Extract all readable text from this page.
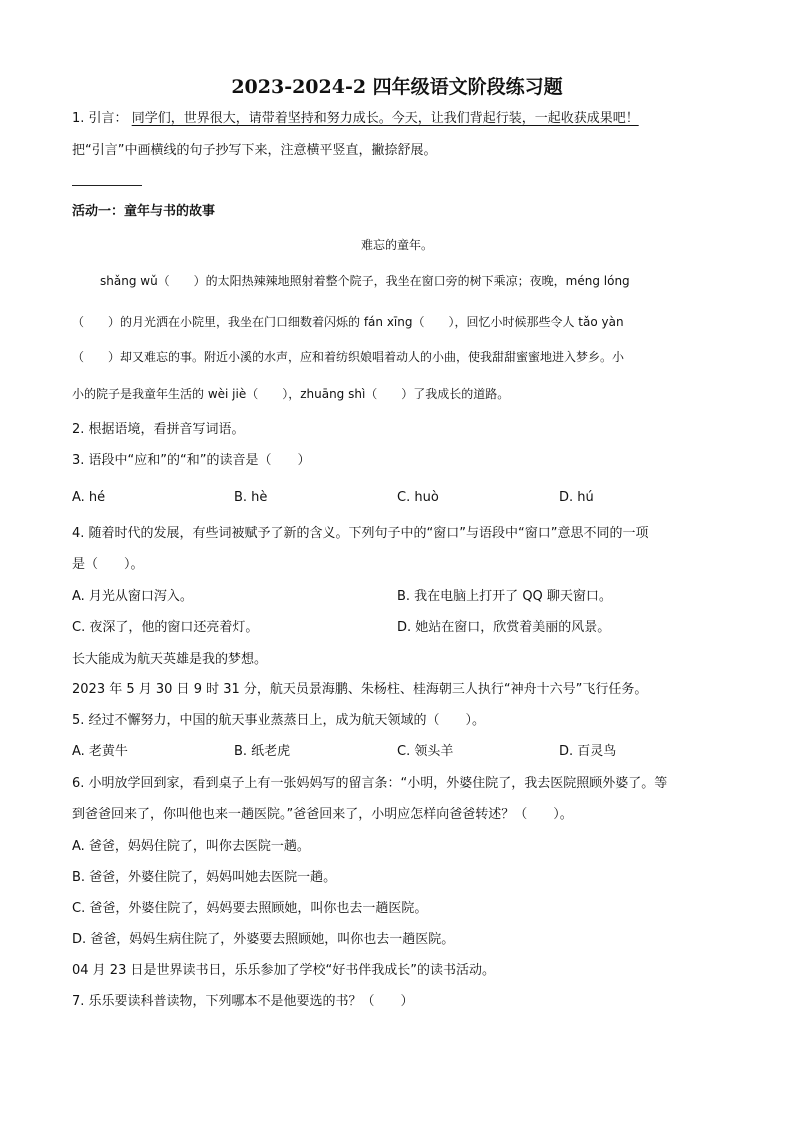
2023-2024-2 四年级语文阶段练习题
1. 引言： 同学们，世界很大，请带着坚持和努力成长。今天，让我们背起行装，一起收获成果吧！
把“引言”中画横线的句子抄写下来，注意横平竖直，撇捺舒展。
活动一：童年与书的故事
难忘的童年。
shǎng wǔ（　　）的太阳热辣辣地照射着整个院子，我坐在窗口旁的树下乘凉；夜晚，méng lóng
（　　）的月光洒在小院里，我坐在门口细数着闪烁的 fán xīng（　　），回忆小时候那些令人 tǎo yàn
（　　）却又难忘的事。附近小溪的水声，应和着纺织娘唱着动人的小曲，使我甜甜蜜蜜地进入梦乡。小
小的院子是我童年生活的 wèi jiè（　　），zhuāng shì（　　）了我成长的道路。
2. 根据语境，看拼音写词语。
3. 语段中“应和”的“和”的读音是（　　）
A. hé	B. hè	C. huò	D. hú
4. 随着时代的发展，有些词被赋予了新的含义。下列句子中的“窗口”与语段中“窗口”意思不同的一项
是（　　）。
A. 月光从窗口泻入。	B. 我在电脑上打开了 QQ 聊天窗口。
C. 夜深了，他的窗口还亮着灯。	D. 她站在窗口，欣赏着美丽的风景。
长大能成为航天英雄是我的梦想。
2023 年 5 月 30 日 9 时 31 分，航天员景海鹏、朱杨柱、桂海朝三人执行“神舟十六号”飞行任务。
5. 经过不懈努力，中国的航天事业蒸蒸日上，成为航天领域的（　　）。
A. 老黄牛	B. 纸老虎	C. 领头羊	D. 百灵鸟
6. 小明放学回到家，看到桌子上有一张妈妈写的留言条：“小明，外婆住院了，我去医院照顾外婆了。等
到爸爸回来了，你叫他也来一趟医院。”爸爸回来了，小明应怎样向爸爸转述？（　　）。
A. 爸爸，妈妈住院了，叫你去医院一趟。
B. 爸爸，外婆住院了，妈妈叫她去医院一趟。
C. 爸爸，外婆住院了，妈妈要去照顾她，叫你也去一趟医院。
D. 爸爸，妈妈生病住院了，外婆要去照顾她，叫你也去一趟医院。
04 月 23 日是世界读书日，乐乐参加了学校“好书伴我成长”的读书活动。
7. 乐乐要读科普读物，下列哪本不是他要选的书？（　　）
